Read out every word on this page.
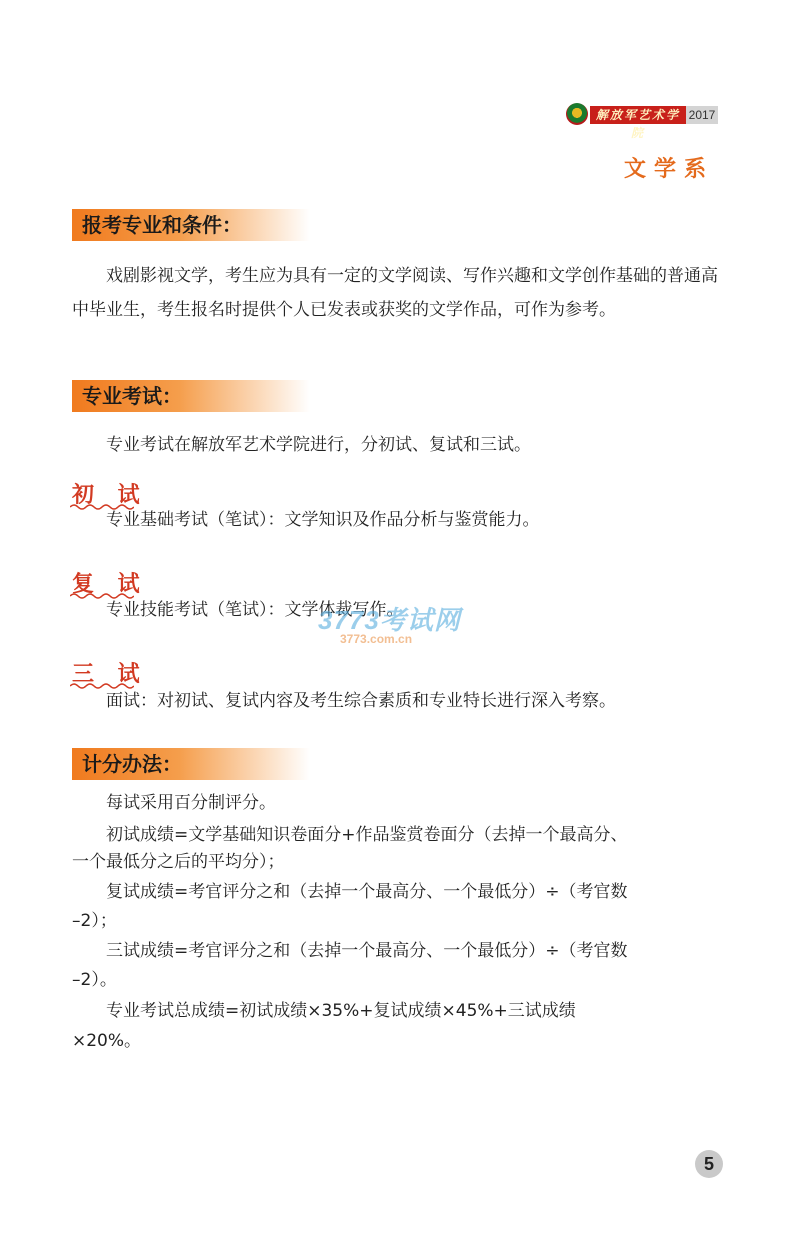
解放军艺术学院
2017
文学系
报考专业和条件：

戏剧影视文学，考生应为具有一定的文学阅读、写作兴趣和文学创作基础的普通高中毕业生，考生报名时提供个人已发表或获奖的文学作品，可作为参考。

专业考试：

专业考试在解放军艺术学院进行，分初试、复试和三试。

初 试

专业基础考试（笔试）：文学知识及作品分析与鉴赏能力。

复 试

专业技能考试（笔试）：文学体裁写作。

三 试

面试：对初试、复试内容及考生综合素质和专业特长进行深入考察。

计分办法：
每试采用百分制评分。
初试成绩=文学基础知识卷面分+作品鉴赏卷面分（去掉一个最高分、
一个最低分之后的平均分）；
复试成绩=考官评分之和（去掉一个最高分、一个最低分）÷（考官数
–2）；
三试成绩=考官评分之和（去掉一个最高分、一个最低分）÷（考官数
–2）。
专业考试总成绩=初试成绩×35%+复试成绩×45%+三试成绩
×20%。
3773考试网
3773.com.cn
5
